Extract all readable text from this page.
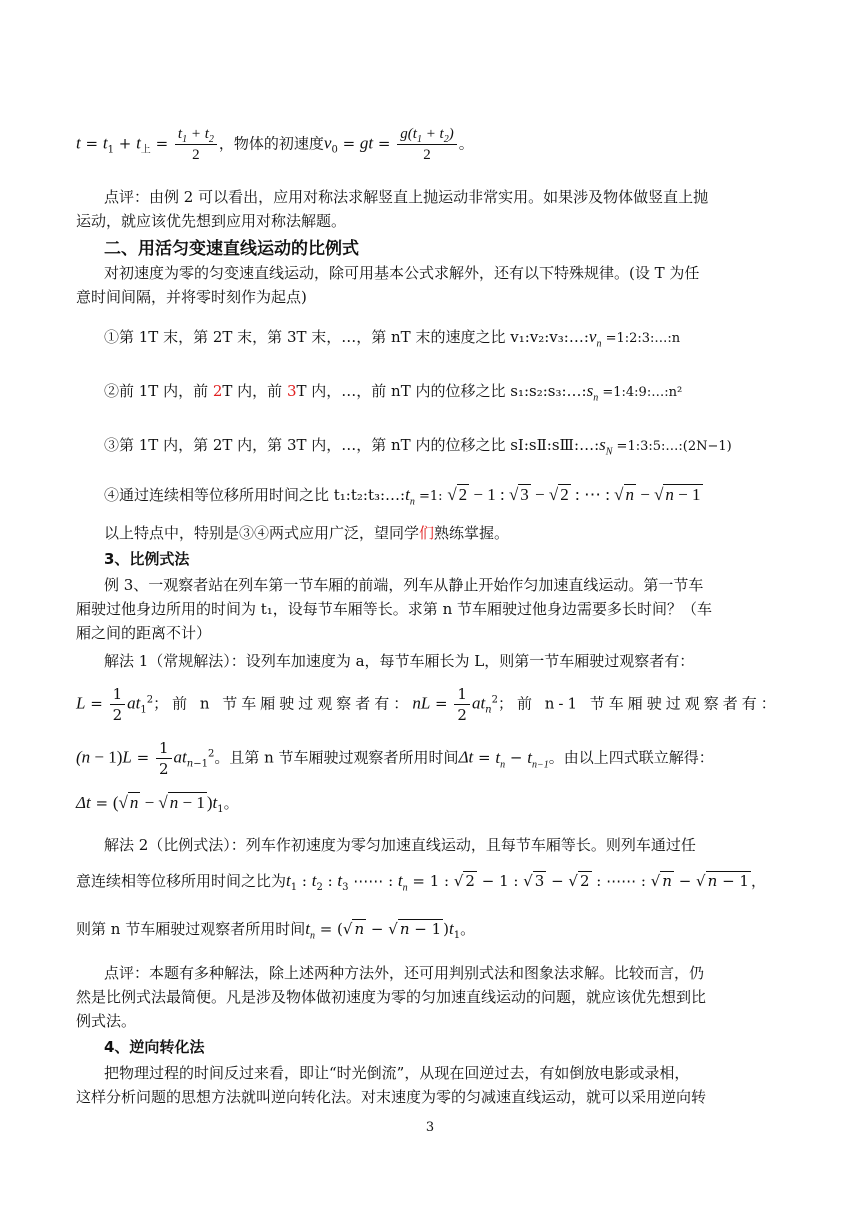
$t = t_1 + t_上 = \frac{t_1 + t_2}{2}$ ，物体的初速度$v_0$ = gt = $\frac{g(t_1 + t_2)}{2}$ 。
点评：由例 2 可以看出，应用对称法求解竖直上抛运动非常实用。如果涉及物体做竖直上抛
运动，就应该优先想到应用对称法解题。
二、用活匀变速直线运动的比例式
对初速度为零的匀变速直线运动，除可用基本公式求解外，还有以下特殊规律。(设 T 为任
意时间间隔，并将零时刻作为起点)
①第 1T 末，第 2T 末，第 3T 末，…，第 nT 末的速度之比 $v_1:v_2:v_3:\dots:v_n$ =1:2:3:…:n
②前 1T 内，前 2T 内，前 3T 内，…，前 nT 内的位移之比 $s_1:s_2:s_3:\dots:s_n$ =1:4:9:…:n²
③第 1T 内，第 2T 内，第 3T 内，…，第 nT 内的位移之比 $sⅠ:sⅡ:sⅢ:\dots:s_N$ =1:3:5:…:(2N−1)
④通过连续相等位移所用时间之比 $t_1:t_2:t_3:\dots:t_n =1$: √ 2 − 1 : √ 3 − √ 2 : ⋯ : √ n − √ n − 1
以上特点中，特别是③④两式应用广泛，望同学们熟练掌握。
3、比例式法
例 3、一观察者站在列车第一节车厢的前端，列车从静止开始作匀加速直线运动。第一节车
厢驶过他身边所用的时间为 t₁，设每节车厢等长。求第 n 节车厢驶过他身边需要多长时间？（车
厢之间的距离不计）
解法 1（常规解法）：设列车加速度为 a，每节车厢长为 L，则第一节车厢驶过观察者有：
$L = \frac{1}{2} at_1^2$；前 n 节车厢驶过观察者有：nL = $\frac{1}{2} at_n^2$；前 n-1 节车厢驶过观察者有：
$(n - 1)L = \frac{1}{2} at_{n-1}^2$。且第 n 节车厢驶过观察者所用时间$\Delta t = t_n - t_{n-1}$。由以上四式联立解得：
Δt = (√ n − √ n − 1 )$t_1$。
解法 2（比例式法）：列车作初速度为零匀加速直线运动，且每节车厢等长。则列车通过任
意连续相等位移所用时间之比为$t_1$ : $t_2$ : $t_3$ ⋯⋯ : $t_n = 1$ : √ 2 − 1 : √ 3 − √ 2 : ⋯⋯ : √ n − √ n − 1 ，
则第 n 节车厢驶过观察者所用时间$t_n$ = (√ n − √ n − 1 )$t_1$。
点评：本题有多种解法，除上述两种方法外，还可用判别式法和图象法求解。比较而言，仍
然是比例式法最简便。凡是涉及物体做初速度为零的匀加速直线运动的问题，就应该优先想到比
例式法。
4、逆向转化法
把物理过程的时间反过来看，即让“时光倒流”，从现在回逆过去，有如倒放电影或录相，
这样分析问题的思想方法就叫逆向转化法。对末速度为零的匀减速直线运动，就可以采用逆向转
3
